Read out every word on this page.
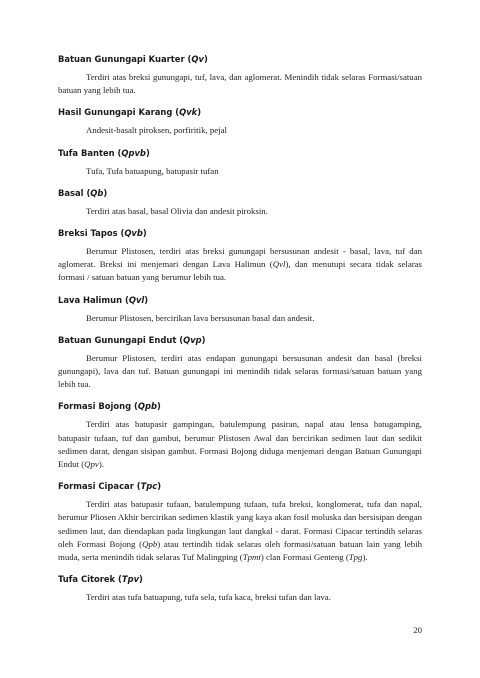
Batuan Gunungapi Kuarter (Qv)

Terdiri atas breksi gunungapi, tuf, lava, dan aglomerat. Menindih tidak selaras Formasi/satuan batuan yang lebih tua.

Hasil Gunungapi Karang (Qvk)

Andesit-basalt piroksen, porfiritik, pejal

Tufa Banten (Qpvb)

Tufa, Tufa batuapung, batupasir tufan

Basal (Qb)

Terdiri atas basal, basal Olivia dan andesit piroksin.

Breksi Tapos (Qvb)

Berumur Plistosen, terdiri atas breksi gunungapi bersusunan andesit - basal, lava, tuf dan aglomerat. Breksi ini menjemari dengan Lava Halimun (Qvl), dan menutupi secara tidak selaras formasi / satuan batuan yang berumur lebih tua.

Lava Halimun (Qvl)

Berumur Plistosen, bercirikan lava bersusunan basal dan andesit.

Batuan Gunungapi Endut (Qvp)

Berumur Plistosen, terdiri atas endapan gunungapi bersusunan andesit dan basal (breksi gunungapi), lava dan tuf. Batuan gunungapi ini menindih tidak selaras formasi/satuan batuan yang lebih tua.

Formasi Bojong (Qpb)

Terdiri atas batupasir gampingan, batulempung pasiran, napal atau lensa batugamping, batupasir tufaan, tuf dan gambut, berumur Plistosen Awal dan bercirikan sedimen laut dan sedikit sedimen darat, dengan sisipan gambut. Formasi Bojong diduga menjemari dengan Batuan Gunungapi Endut (Qpv).

Formasi Cipacar (Tpc)

Terdiri atas batupasir tufaan, batulempung tufaan, tufa breksi, konglomerat, tufa dan napal, berumur Pliosen Akhir bercirikan sedimen klastik yang kaya akan fosil moluska dan bersisipan dengan sedimen laut, dan diendapkan pada lingkungan laut dangkal - darat. Formasi Cipacar tertindih selaras oleh Formasi Bojong (Qpb) atau tertindih tidak selaras oleh formasi/satuan batuan lain yang lebih muda, serta menindih tidak selaras Tuf Malingping (Tpmt) clan Formasi Genteng (Tpg).

Tufa Citorek (Tpv)

Terdiri atas tufa batuapung, tufa sela, tufa kaca, breksi tufan dan lava.

20
